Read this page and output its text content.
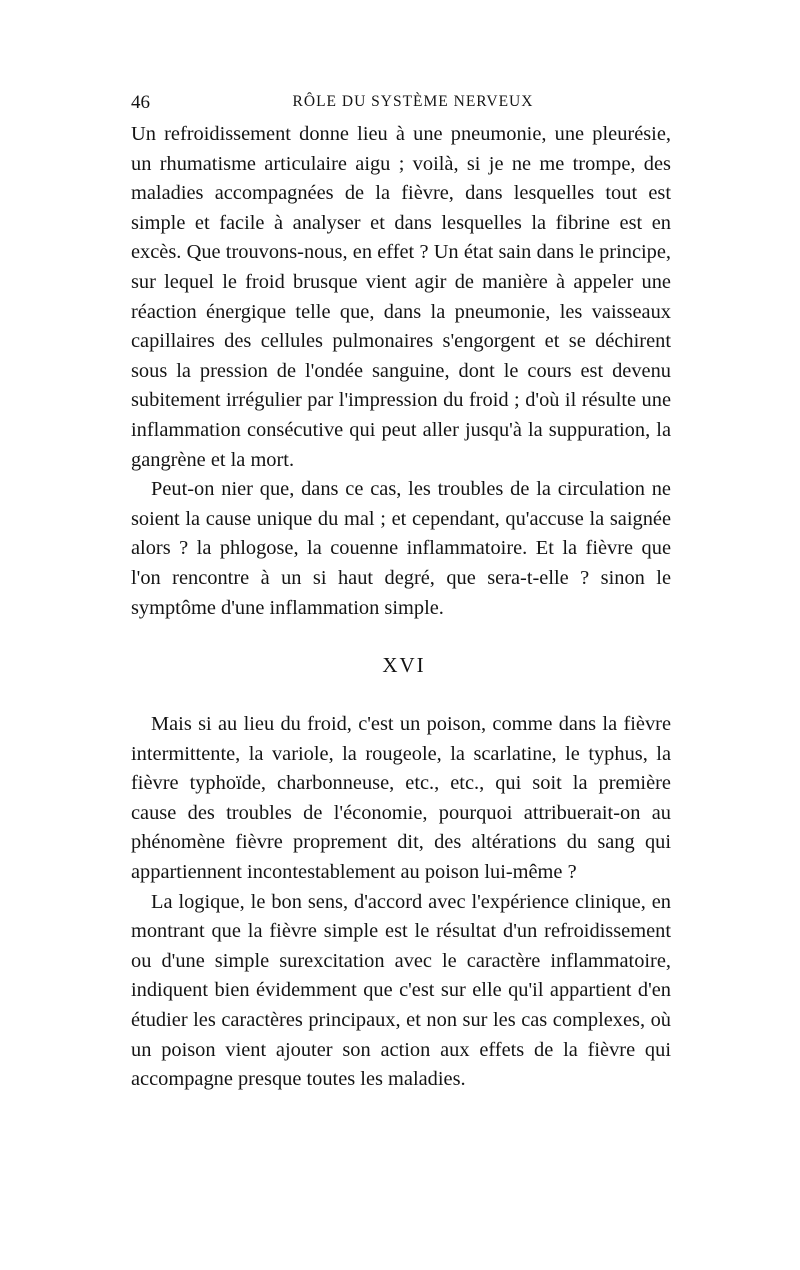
46	RÔLE DU SYSTÈME NERVEUX

Un refroidissement donne lieu à une pneumonie, une pleurésie, un rhumatisme articulaire aigu ; voilà, si je ne me trompe, des maladies accompagnées de la fièvre, dans lesquelles tout est simple et facile à analyser et dans lesquelles la fibrine est en excès. Que trouvons-nous, en effet ? Un état sain dans le principe, sur lequel le froid brusque vient agir de manière à appeler une réaction énergique telle que, dans la pneumonie, les vaisseaux capillaires des cellules pulmonaires s'engorgent et se déchirent sous la pression de l'ondée sanguine, dont le cours est devenu subitement irrégulier par l'impression du froid ; d'où il résulte une inflammation consécutive qui peut aller jusqu'à la suppuration, la gangrène et la mort.

Peut-on nier que, dans ce cas, les troubles de la circulation ne soient la cause unique du mal ; et cependant, qu'accuse la saignée alors ? la phlogose, la couenne inflammatoire. Et la fièvre que l'on rencontre à un si haut degré, que sera-t-elle ? sinon le symptôme d'une inflammation simple.

XVI

Mais si au lieu du froid, c'est un poison, comme dans la fièvre intermittente, la variole, la rougeole, la scarlatine, le typhus, la fièvre typhoïde, charbonneuse, etc., etc., qui soit la première cause des troubles de l'économie, pourquoi attribuerait-on au phénomène fièvre proprement dit, des altérations du sang qui appartiennent incontestablement au poison lui-même ?

La logique, le bon sens, d'accord avec l'expérience clinique, en montrant que la fièvre simple est le résultat d'un refroidissement ou d'une simple surexcitation avec le caractère inflammatoire, indiquent bien évidemment que c'est sur elle qu'il appartient d'en étudier les caractères principaux, et non sur les cas complexes, où un poison vient ajouter son action aux effets de la fièvre qui accompagne presque toutes les maladies.
